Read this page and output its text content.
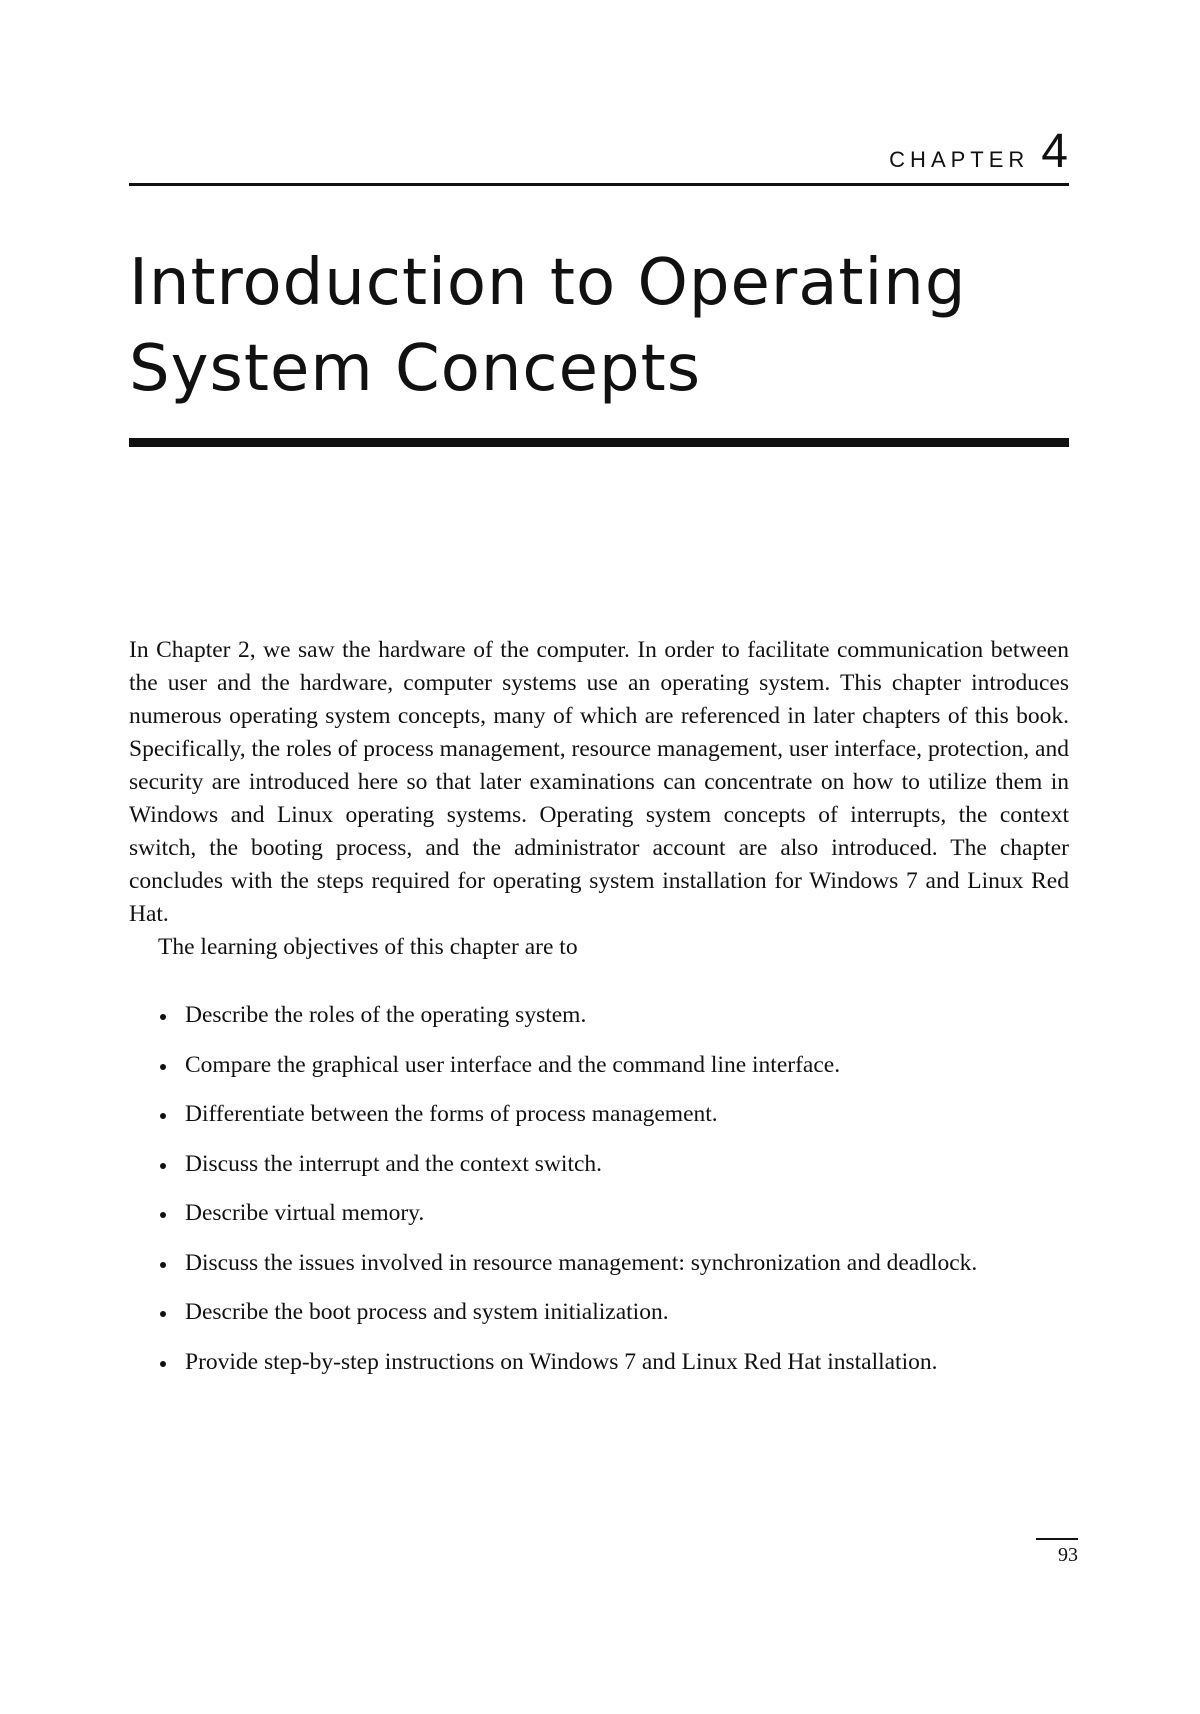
CHAPTER 4
Introduction to Operating
System Concepts

In Chapter 2, we saw the hardware of the computer. In order to facilitate communication between the user and the hardware, computer systems use an operating system. This chapter introduces numerous operating system concepts, many of which are referenced in later chapters of this book. Specifically, the roles of process management, resource management, user interface, protection, and security are introduced here so that later examinations can concentrate on how to utilize them in Windows and Linux operating systems. Operating system concepts of interrupts, the context switch, the booting process, and the administrator account are also introduced. The chapter concludes with the steps required for operating system installation for Windows 7 and Linux Red Hat.

The learning objectives of this chapter are to

Describe the roles of the operating system.
Compare the graphical user interface and the command line interface.
Differentiate between the forms of process management.
Discuss the interrupt and the context switch.
Describe virtual memory.
Discuss the issues involved in resource management: synchronization and deadlock.
Describe the boot process and system initialization.
Provide step-by-step instructions on Windows 7 and Linux Red Hat installation.
93
